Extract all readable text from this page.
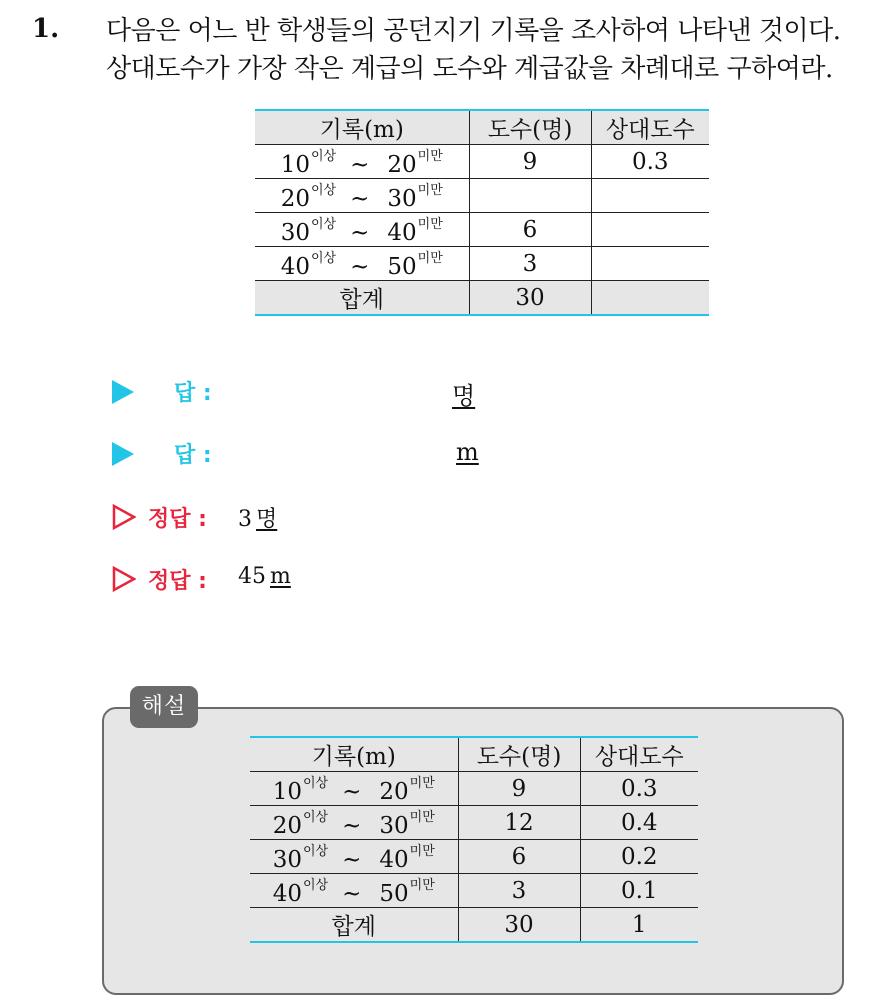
1. 다음은 어느 반 학생들의 공던지기 기록을 조사하여 나타낸 것이다.
상대도수가 가장 작은 계급의 도수와 계급값을 차례대로 구하여라.
기록(m)	도수(명)	상대도수
$10^{이상}$ ~ $20^{미만}$	9	0.3
$20^{이상}$ ~ $30^{미만}$		
$30^{이상}$ ~ $40^{미만}$	6	
$40^{이상}$ ~ $50^{미만}$	3	
합계	30	
답 :	명
답 :	m
정답 : 3 명
정답 : 45 m
해설
기록(m)	도수(명)	상대도수
$10^{이상}$ ~ $20^{미만}$	9	0.3
$20^{이상}$ ~ $30^{미만}$	12	0.4
$30^{이상}$ ~ $40^{미만}$	6	0.2
$40^{이상}$ ~ $50^{미만}$	3	0.1
합계	30	1
